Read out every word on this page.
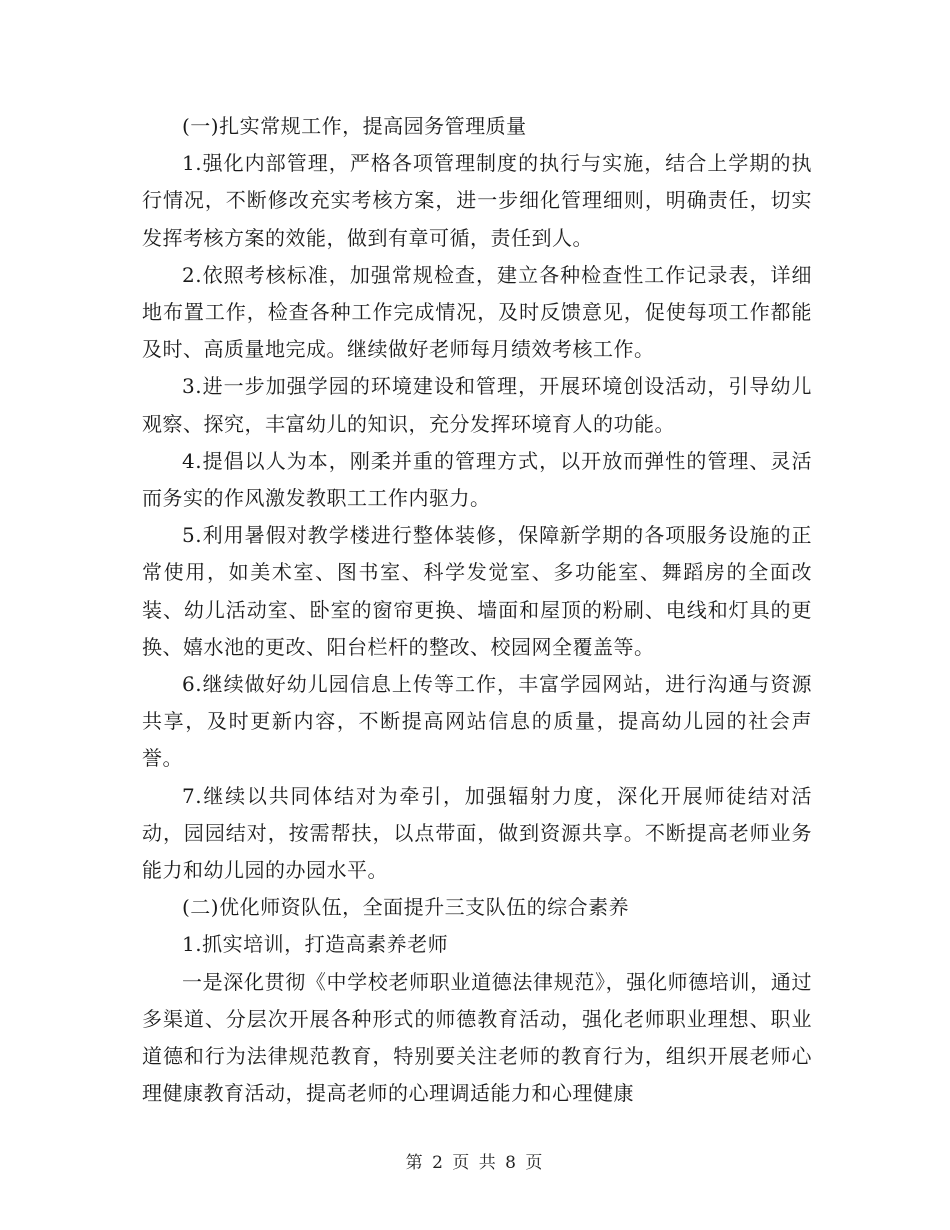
(一)扎实常规工作，提高园务管理质量

1.强化内部管理，严格各项管理制度的执行与实施，结合上学期的执行情况，不断修改充实考核方案，进一步细化管理细则，明确责任，切实发挥考核方案的效能，做到有章可循，责任到人。

2.依照考核标准，加强常规检查，建立各种检查性工作记录表，详细地布置工作，检查各种工作完成情况，及时反馈意见，促使每项工作都能及时、高质量地完成。继续做好老师每月绩效考核工作。

3.进一步加强学园的环境建设和管理，开展环境创设活动，引导幼儿观察、探究，丰富幼儿的知识，充分发挥环境育人的功能。

4.提倡以人为本，刚柔并重的管理方式，以开放而弹性的管理、灵活而务实的作风激发教职工工作内驱力。

5.利用暑假对教学楼进行整体装修，保障新学期的各项服务设施的正常使用，如美术室、图书室、科学发觉室、多功能室、舞蹈房的全面改装、幼儿活动室、卧室的窗帘更换、墙面和屋顶的粉刷、电线和灯具的更换、嬉水池的更改、阳台栏杆的整改、校园网全覆盖等。

6.继续做好幼儿园信息上传等工作，丰富学园网站，进行沟通与资源共享，及时更新内容，不断提高网站信息的质量，提高幼儿园的社会声誉。

7.继续以共同体结对为牵引，加强辐射力度，深化开展师徒结对活动，园园结对，按需帮扶，以点带面，做到资源共享。不断提高老师业务能力和幼儿园的办园水平。

(二)优化师资队伍，全面提升三支队伍的综合素养

1.抓实培训，打造高素养老师

一是深化贯彻《中学校老师职业道德法律规范》，强化师德培训，通过多渠道、分层次开展各种形式的师德教育活动，强化老师职业理想、职业道德和行为法律规范教育，特别要关注老师的教育行为，组织开展老师心理健康教育活动，提高老师的心理调适能力和心理健康

第 2 页 共 8 页
